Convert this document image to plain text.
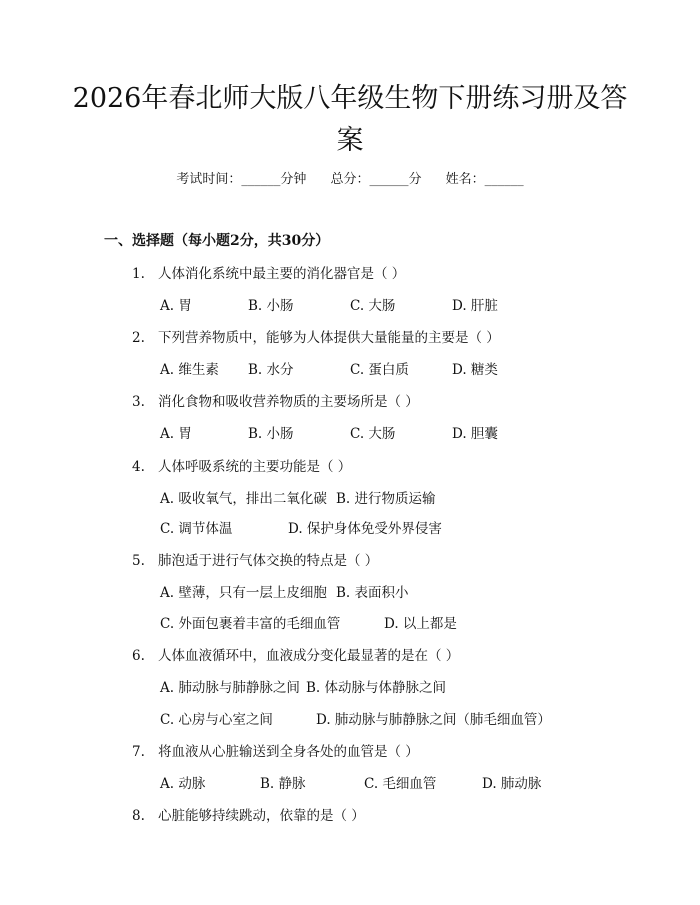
2026年春北师大版八年级生物下册练习册及答案
考试时间：______分钟 总分：______分 姓名：______
一、选择题（每小题2分，共30分）
1. 人体消化系统中最主要的消化器官是（ ）
A. 胃	B. 小肠	C. 大肠	D. 肝脏
2. 下列营养物质中，能够为人体提供大量能量的主要是（ ）
A. 维生素 B. 水分	C. 蛋白质	D. 糖类
3. 消化食物和吸收营养物质的主要场所是（ ）
A. 胃	B. 小肠	C. 大肠	D. 胆囊
4. 人体呼吸系统的主要功能是（ ）
A. 吸收氧气，排出二氧化碳 B. 进行物质运输
C. 调节体温	D. 保护身体免受外界侵害
5. 肺泡适于进行气体交换的特点是（ ）
A. 壁薄，只有一层上皮细胞 B. 表面积小
C. 外面包裹着丰富的毛细血管	D. 以上都是
6. 人体血液循环中，血液成分变化最显著的是在（ ）
A. 肺动脉与肺静脉之间 B. 体动脉与体静脉之间
C. 心房与心室之间	D. 肺动脉与肺静脉之间（肺毛细血管）
7. 将血液从心脏输送到全身各处的血管是（ ）
A. 动脉	B. 静脉	C. 毛细血管	D. 肺动脉
8. 心脏能够持续跳动，依靠的是（ ）
